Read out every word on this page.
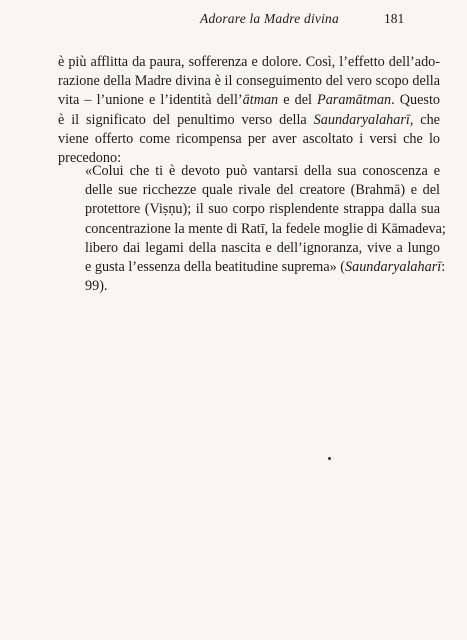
Adorare la Madre divina	181
è più afflitta da paura, sofferenza e dolore. Così, l’effetto dell’ado-
razione della Madre divina è il conseguimento del vero scopo della
vita – l’unione e l’identità dell’ātman e del Paramātman. Questo
è il significato del penultimo verso della Saundaryalaharī, che
viene offerto come ricompensa per aver ascoltato i versi che lo
precedono:
«Colui che ti è devoto può vantarsi della sua conoscenza e
delle sue ricchezze quale rivale del creatore (Brahmā) e del
protettore (Viṣṇu); il suo corpo risplendente strappa dalla sua
concentrazione la mente di Ratī, la fedele moglie di Kāmadeva;
libero dai legami della nascita e dell’ignoranza, vive a lungo
e gusta l’essenza della beatitudine suprema» (Saundaryalaharī:
99).
